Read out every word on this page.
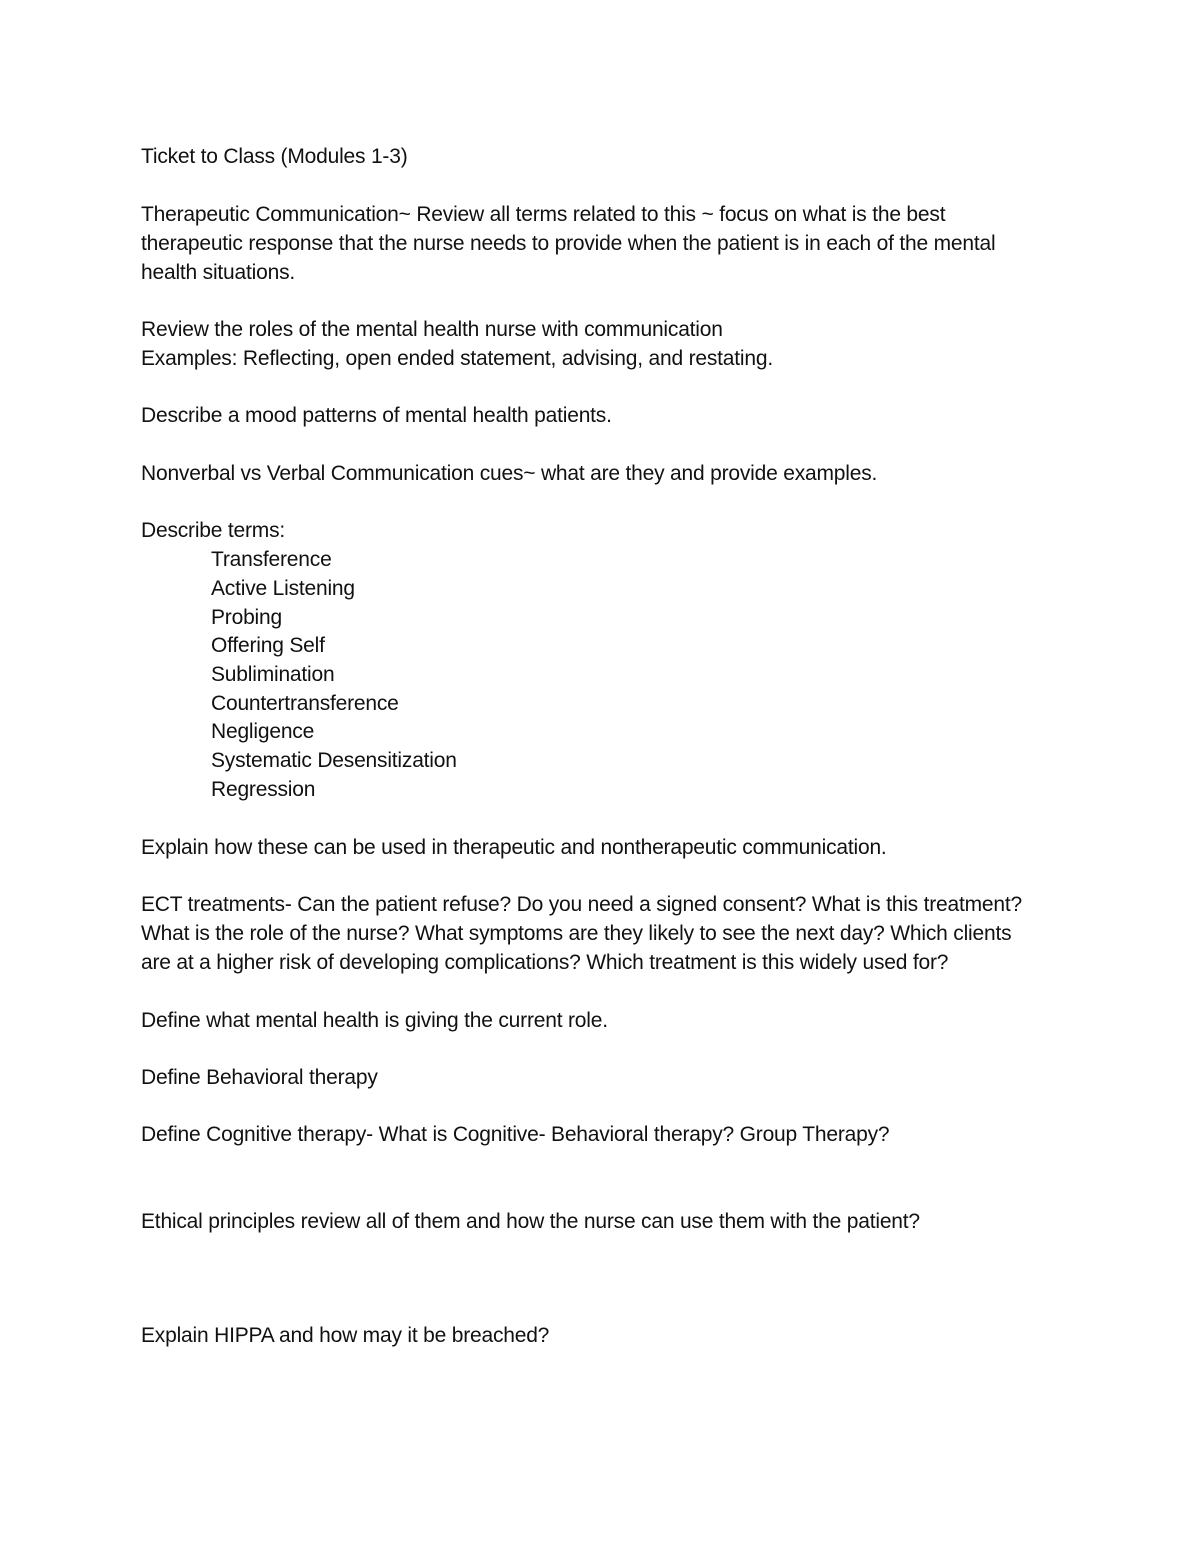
Ticket to Class (Modules 1-3)
Therapeutic Communication~ Review all terms related to this ~ focus on what is the best
therapeutic response that the nurse needs to provide when the patient is in each of the mental
health situations.
Review the roles of the mental health nurse with communication
Examples: Reflecting, open ended statement, advising, and restating.
Describe a mood patterns of mental health patients.
Nonverbal vs Verbal Communication cues~ what are they and provide examples.
Describe terms:
Transference
Active Listening
Probing
Offering Self
Sublimination
Countertransference
Negligence
Systematic Desensitization
Regression
Explain how these can be used in therapeutic and nontherapeutic communication.
ECT treatments- Can the patient refuse? Do you need a signed consent? What is this treatment?
What is the role of the nurse? What symptoms are they likely to see the next day? Which clients
are at a higher risk of developing complications? Which treatment is this widely used for?
Define what mental health is giving the current role.
Define Behavioral therapy
Define Cognitive therapy- What is Cognitive- Behavioral therapy? Group Therapy?
Ethical principles review all of them and how the nurse can use them with the patient?
Explain HIPPA and how may it be breached?
